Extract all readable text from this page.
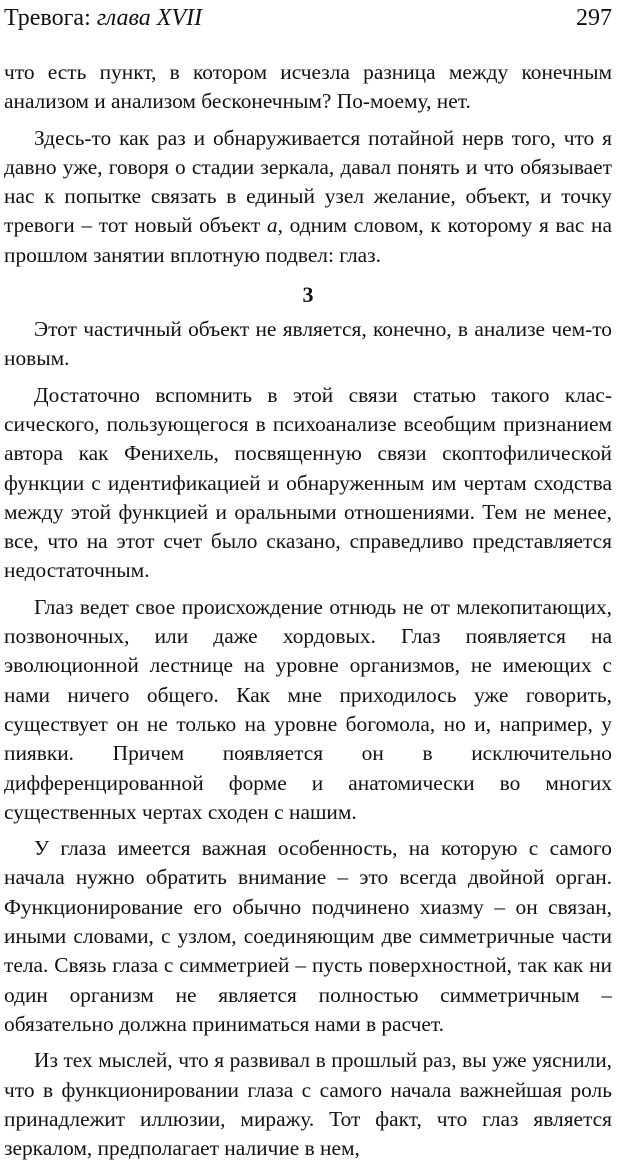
Тревога: глава XVII	297

что есть пункт, в котором исчезла разница между конечным анализом и анализом бесконечным? По-моему, нет.

Здесь-то как раз и обнаруживается потайной нерв того, что я давно уже, говоря о стадии зеркала, давал понять и что обязывает нас к попытке связать в единый узел желание, объект, и точку тревоги – тот новый объект а, одним словом, к которому я вас на прошлом занятии вплотную подвел: глаз.

3

Этот частичный объект не является, конечно, в анализе чем-то новым.

Достаточно вспомнить в этой связи статью такого классического, пользующегося в психоанализе всеобщим признанием автора как Фенихель, посвященную связи скоптофилической функции с идентификацией и обнаруженным им чертам сходства между этой функцией и оральными отношениями. Тем не менее, все, что на этот счет было сказано, справедливо представляется недостаточным.

Глаз ведет свое происхождение отнюдь не от млекопитающих, позвоночных, или даже хордовых. Глаз появляется на эволюционной лестнице на уровне организмов, не имеющих с нами ничего общего. Как мне приходилось уже говорить, существует он не только на уровне богомола, но и, например, у пиявки. Причем появляется он в исключительно дифференцированной форме и анатомически во многих существенных чертах сходен с нашим.

У глаза имеется важная особенность, на которую с самого начала нужно обратить внимание – это всегда двойной орган. Функционирование его обычно подчинено хиазму – он связан, иными словами, с узлом, соединяющим две симметричные части тела. Связь глаза с симметрией – пусть поверхностной, так как ни один организм не является полностью симметричным – обязательно должна приниматься нами в расчет.

Из тех мыслей, что я развивал в прошлый раз, вы уже уяснили, что в функционировании глаза с самого начала важнейшая роль принадлежит иллюзии, миражу. Тот факт, что глаз является зеркалом, предполагает наличие в нем,
